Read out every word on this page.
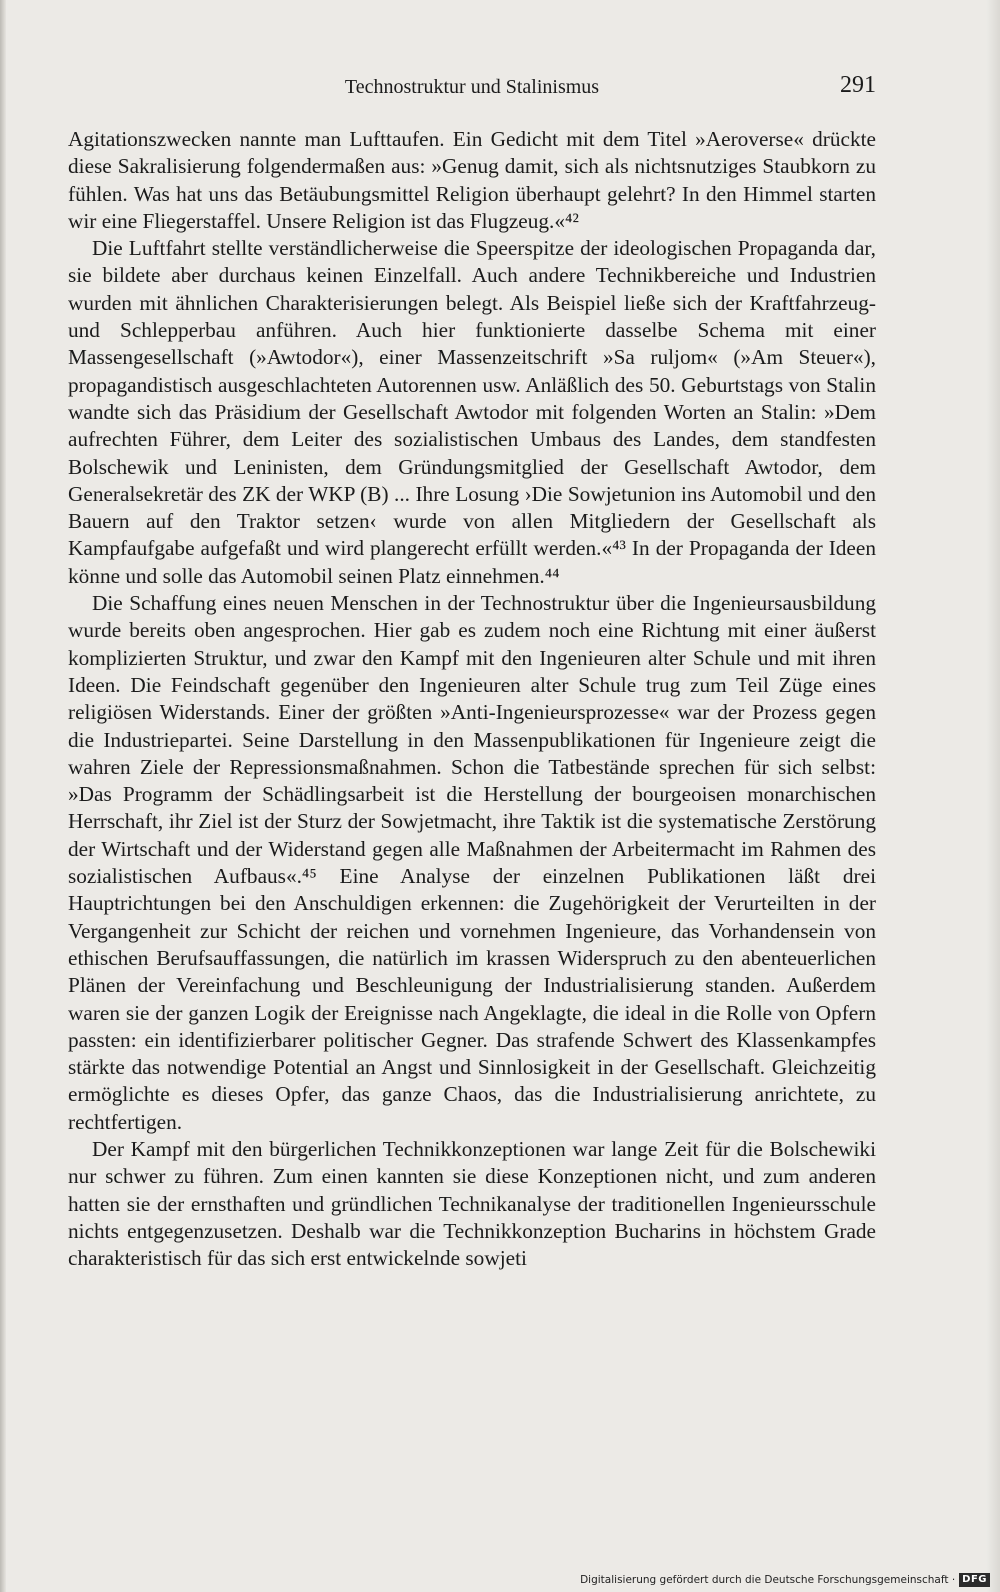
Technostruktur und Stalinismus	291

Agitationszwecken nannte man Lufttaufen. Ein Gedicht mit dem Titel »Aeroverse« drückte diese Sakralisierung folgendermaßen aus: »Genug damit, sich als nichtsnutziges Staubkorn zu fühlen. Was hat uns das Betäubungsmittel Religion überhaupt gelehrt? In den Himmel starten wir eine Fliegerstaffel. Unsere Religion ist das Flugzeug.«⁴²

Die Luftfahrt stellte verständlicherweise die Speerspitze der ideologischen Propaganda dar, sie bildete aber durchaus keinen Einzelfall. Auch andere Technikbereiche und Industrien wurden mit ähnlichen Charakterisierungen belegt. Als Beispiel ließe sich der Kraftfahrzeug- und Schlepperbau anführen. Auch hier funktionierte dasselbe Schema mit einer Massengesellschaft (»Awtodor«), einer Massenzeitschrift »Sa ruljom« (»Am Steuer«), propagandistisch ausgeschlachteten Autorennen usw. Anläßlich des 50. Geburtstags von Stalin wandte sich das Präsidium der Gesellschaft Awtodor mit folgenden Worten an Stalin: »Dem aufrechten Führer, dem Leiter des sozialistischen Umbaus des Landes, dem standfesten Bolschewik und Leninisten, dem Gründungsmitglied der Gesellschaft Awtodor, dem Generalsekretär des ZK der WKP (B) ... Ihre Losung ›Die Sowjetunion ins Automobil und den Bauern auf den Traktor setzen‹ wurde von allen Mitgliedern der Gesellschaft als Kampfaufgabe aufgefaßt und wird plangerecht erfüllt werden.«⁴³ In der Propaganda der Ideen könne und solle das Automobil seinen Platz einnehmen.⁴⁴

Die Schaffung eines neuen Menschen in der Technostruktur über die Ingenieursausbildung wurde bereits oben angesprochen. Hier gab es zudem noch eine Richtung mit einer äußerst komplizierten Struktur, und zwar den Kampf mit den Ingenieuren alter Schule und mit ihren Ideen. Die Feindschaft gegenüber den Ingenieuren alter Schule trug zum Teil Züge eines religiösen Widerstands. Einer der größten »Anti-Ingenieursprozesse« war der Prozess gegen die Industriepartei. Seine Darstellung in den Massenpublikationen für Ingenieure zeigt die wahren Ziele der Repressionsmaßnahmen. Schon die Tatbestände sprechen für sich selbst: »Das Programm der Schädlingsarbeit ist die Herstellung der bourgeoisen monarchischen Herrschaft, ihr Ziel ist der Sturz der Sowjetmacht, ihre Taktik ist die systematische Zerstörung der Wirtschaft und der Widerstand gegen alle Maßnahmen der Arbeitermacht im Rahmen des sozialistischen Aufbaus«.⁴⁵ Eine Analyse der einzelnen Publikationen läßt drei Hauptrichtungen bei den Anschuldigen erkennen: die Zugehörigkeit der Verurteilten in der Vergangenheit zur Schicht der reichen und vornehmen Ingenieure, das Vorhandensein von ethischen Berufsauffassungen, die natürlich im krassen Widerspruch zu den abenteuerlichen Plänen der Vereinfachung und Beschleunigung der Industrialisierung standen. Außerdem waren sie der ganzen Logik der Ereignisse nach Angeklagte, die ideal in die Rolle von Opfern passten: ein identifizierbarer politischer Gegner. Das strafende Schwert des Klassenkampfes stärkte das notwendige Potential an Angst und Sinnlosigkeit in der Gesellschaft. Gleichzeitig ermöglichte es dieses Opfer, das ganze Chaos, das die Industrialisierung anrichtete, zu rechtfertigen.

Der Kampf mit den bürgerlichen Technikkonzeptionen war lange Zeit für die Bolschewiki nur schwer zu führen. Zum einen kannten sie diese Konzeptionen nicht, und zum anderen hatten sie der ernsthaften und gründlichen Technikanalyse der traditionellen Ingenieursschule nichts entgegenzusetzen. Deshalb war die Technikkonzeption Bucharins in höchstem Grade charakteristisch für das sich erst entwickelnde sowjeti

Digitalisierung gefördert durch die Deutsche Forschungsgemeinschaft · DFG
